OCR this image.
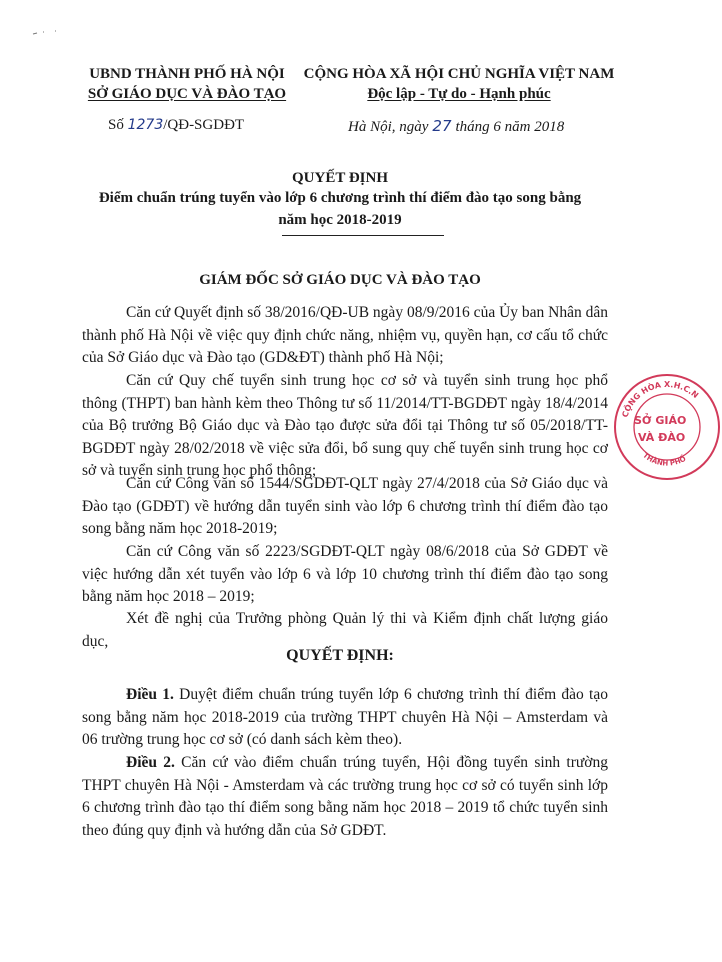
UBND THÀNH PHỐ HÀ NỘI
SỞ GIÁO DỤC VÀ ĐÀO TẠO
CỘNG HÒA XÃ HỘI CHỦ NGHĨA VIỆT NAM
Độc lập - Tự do - Hạnh phúc
Số 1273/QĐ-SGDĐT	Hà Nội, ngày 27 tháng 6 năm 2018
QUYẾT ĐỊNH
Điểm chuẩn trúng tuyển vào lớp 6 chương trình thí điểm đào tạo song bằng
năm học 2018-2019
GIÁM ĐỐC SỞ GIÁO DỤC VÀ ĐÀO TẠO
Căn cứ Quyết định số 38/2016/QĐ-UB ngày 08/9/2016 của Ủy ban Nhân dân thành phố Hà Nội về việc quy định chức năng, nhiệm vụ, quyền hạn, cơ cấu tổ chức của Sở Giáo dục và Đào tạo (GD&ĐT) thành phố Hà Nội;
Căn cứ Quy chế tuyển sinh trung học cơ sở và tuyển sinh trung học phổ thông (THPT) ban hành kèm theo Thông tư số 11/2014/TT-BGDĐT ngày 18/4/2014 của Bộ trưởng Bộ Giáo dục và Đào tạo được sửa đổi tại Thông tư số 05/2018/TT-BGDĐT ngày 28/02/2018 về việc sửa đổi, bổ sung quy chế tuyển sinh trung học cơ sở và tuyển sinh trung học phổ thông;
Căn cứ Công văn số 1544/SGDĐT-QLT ngày 27/4/2018 của Sở Giáo dục và Đào tạo (GDĐT) về hướng dẫn tuyển sinh vào lớp 6 chương trình thí điểm đào tạo song bằng năm học 2018-2019;
Căn cứ Công văn số 2223/SGDĐT-QLT ngày 08/6/2018 của Sở GDĐT về việc hướng dẫn xét tuyển vào lớp 6 và lớp 10 chương trình thí điểm đào tạo song bằng năm học 2018 – 2019;
Xét đề nghị của Trưởng phòng Quản lý thi và Kiểm định chất lượng giáo dục,
QUYẾT ĐỊNH:
Điều 1. Duyệt điểm chuẩn trúng tuyển lớp 6 chương trình thí điểm đào tạo song bằng năm học 2018-2019 của trường THPT chuyên Hà Nội – Amsterdam và 06 trường trung học cơ sở (có danh sách kèm theo).
Điều 2. Căn cứ vào điểm chuẩn trúng tuyển, Hội đồng tuyển sinh trường THPT chuyên Hà Nội - Amsterdam và các trường trung học cơ sở có tuyển sinh lớp 6 chương trình đào tạo thí điểm song bằng năm học 2018 – 2019 tổ chức tuyển sinh theo đúng quy định và hướng dẫn của Sở GDĐT.
CỘNG HÒA X.H.C.N
THÀNH PHỐ
SỞ GIÁO
VÀ ĐÀO
